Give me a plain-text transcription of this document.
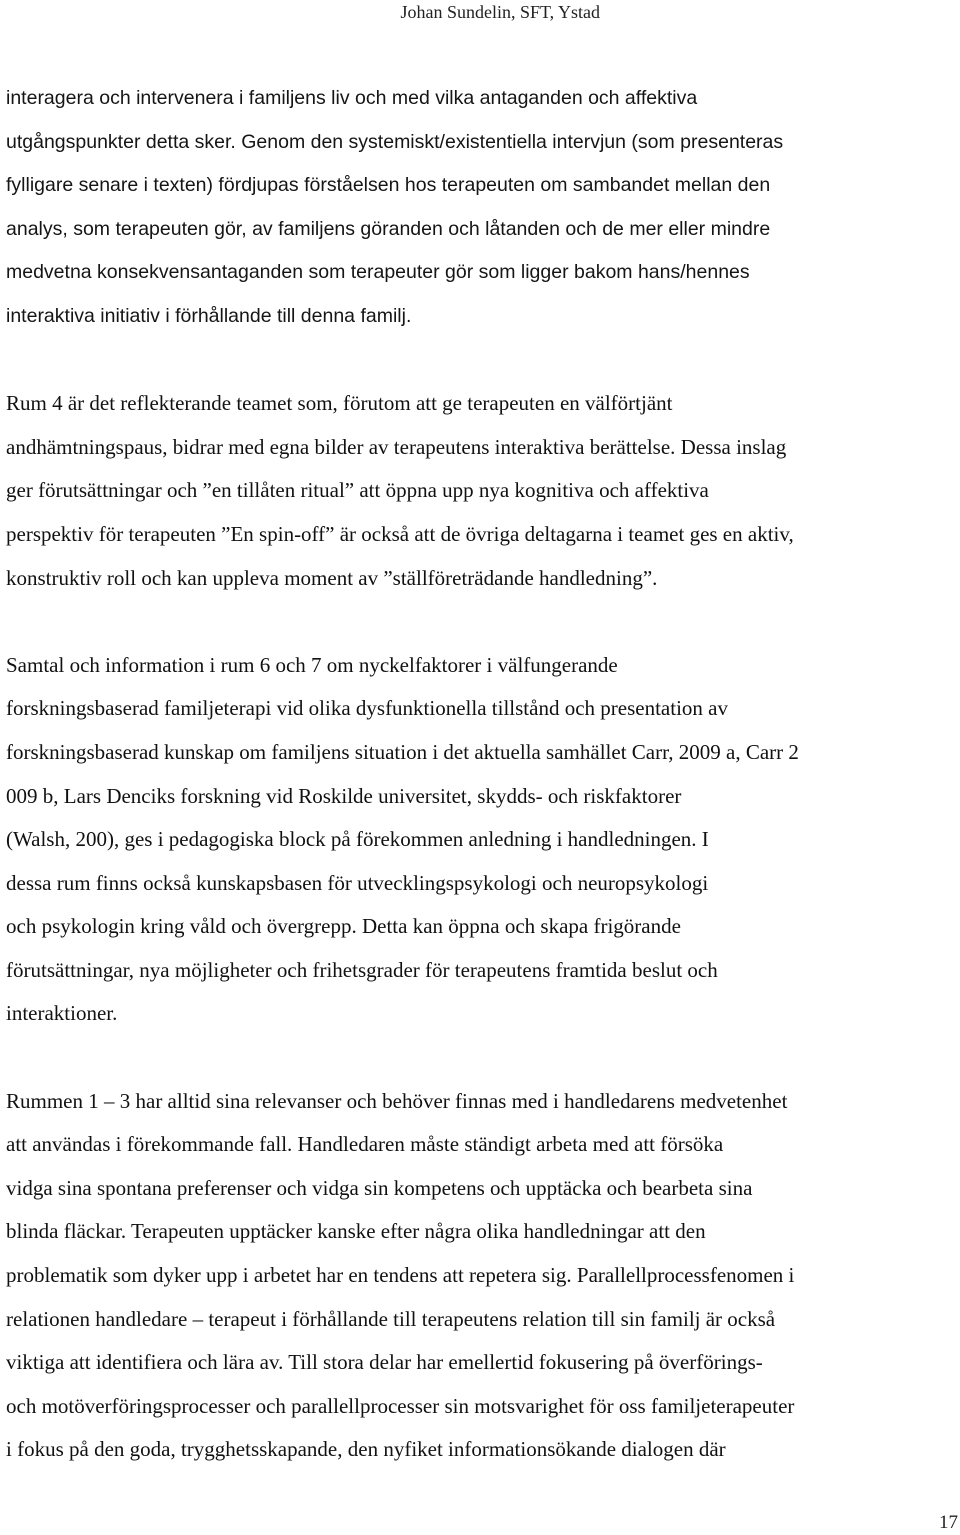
Johan Sundelin, SFT, Ystad
interagera och intervenera i familjens liv och med vilka antaganden och affektiva
utgångspunkter detta sker. Genom den systemiskt/existentiella intervjun (som presenteras
fylligare senare i texten) fördjupas förståelsen hos terapeuten om sambandet mellan den
analys, som terapeuten gör, av familjens göranden och låtanden och de mer eller mindre
medvetna konsekvensantaganden som terapeuter gör som ligger bakom hans/hennes
interaktiva initiativ i förhållande till denna familj.
Rum 4 är det reflekterande teamet som, förutom att ge terapeuten en välförtjänt
andhämtningspaus, bidrar med egna bilder av terapeutens interaktiva berättelse. Dessa inslag
ger förutsättningar och ”en tillåten ritual” att öppna upp nya kognitiva och affektiva
perspektiv för terapeuten ”En spin-off” är också att de övriga deltagarna i teamet ges en aktiv,
konstruktiv roll och kan uppleva moment av ”ställföreträdande handledning”.
Samtal och information i rum 6 och 7 om nyckelfaktorer i välfungerande
forskningsbaserad familjeterapi vid olika dysfunktionella tillstånd och presentation av
forskningsbaserad kunskap om familjens situation i det aktuella samhället Carr, 2009 a, Carr 2
009 b, Lars Denciks forskning vid Roskilde universitet, skydds- och riskfaktorer
(Walsh, 200), ges i pedagogiska block på förekommen anledning i handledningen. I
dessa rum finns också kunskapsbasen för utvecklingspsykologi och neuropsykologi
och psykologin kring våld och övergrepp. Detta kan öppna och skapa frigörande
förutsättningar, nya möjligheter och frihetsgrader för terapeutens framtida beslut och
interaktioner.
Rummen 1 – 3 har alltid sina relevanser och behöver finnas med i handledarens medvetenhet
att användas i förekommande fall. Handledaren måste ständigt arbeta med att försöka
vidga sina spontana preferenser och vidga sin kompetens och upptäcka och bearbeta sina
blinda fläckar. Terapeuten upptäcker kanske efter några olika handledningar att den
problematik som dyker upp i arbetet har en tendens att repetera sig. Parallellprocessfenomen i
relationen handledare – terapeut i förhållande till terapeutens relation till sin familj är också
viktiga att identifiera och lära av. Till stora delar har emellertid fokusering på överförings-
och motöverföringsprocesser och parallellprocesser sin motsvarighet för oss familjeterapeuter
i fokus på den goda, trygghetsskapande, den nyfiket informationsökande dialogen där
17
